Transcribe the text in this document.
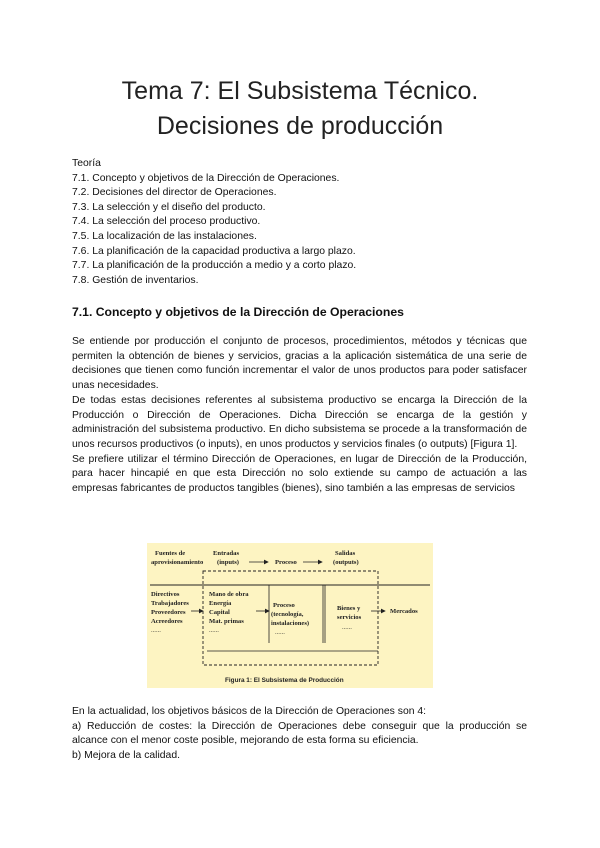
Tema 7: El Subsistema Técnico.
Decisiones de producción
Teoría
7.1. Concepto y objetivos de la Dirección de Operaciones.
7.2. Decisiones del director de Operaciones.
7.3. La selección y el diseño del producto.
7.4. La selección del proceso productivo.
7.5. La localización de las instalaciones.
7.6. La planificación de la capacidad productiva a largo plazo.
7.7. La planificación de la producción a medio y a corto plazo.
7.8. Gestión de inventarios.
7.1. Concepto y objetivos de la Dirección de Operaciones

Se entiende por producción el conjunto de procesos, procedimientos, métodos y técnicas que permiten la obtención de bienes y servicios, gracias a la aplicación sistemática de una serie de decisiones que tienen como función incrementar el valor de unos productos para poder satisfacer unas necesidades.

De todas estas decisiones referentes al subsistema productivo se encarga la Dirección de la Producción o Dirección de Operaciones. Dicha Dirección se encarga de la gestión y administración del subsistema productivo. En dicho subsistema se procede a la transformación de unos recursos productivos (o inputs), en unos productos y servicios finales (o outputs) [Figura 1].

Se prefiere utilizar el término Dirección de Operaciones, en lugar de Dirección de la Producción, para hacer hincapié en que esta Dirección no solo extiende su campo de actuación a las empresas fabricantes de productos tangibles (bienes), sino también a las empresas de servicios

Fuentes de
aprovisionamiento
Entradas
(inputs)	Proceso
Salidas
(outputs)
Directivos
Trabajadores
Proveedores
Acreedores
......
Mano de obra
Energía
Capital
Mat. primas
......
Proceso
(tecnología,
instalaciones)
......
Bienes y
servicios
......
Mercados
Figura 1: El Subsistema de Producción

En la actualidad, los objetivos básicos de la Dirección de Operaciones son 4:

a) Reducción de costes: la Dirección de Operaciones debe conseguir que la producción se alcance con el menor coste posible, mejorando de esta forma su eficiencia.

b) Mejora de la calidad.
